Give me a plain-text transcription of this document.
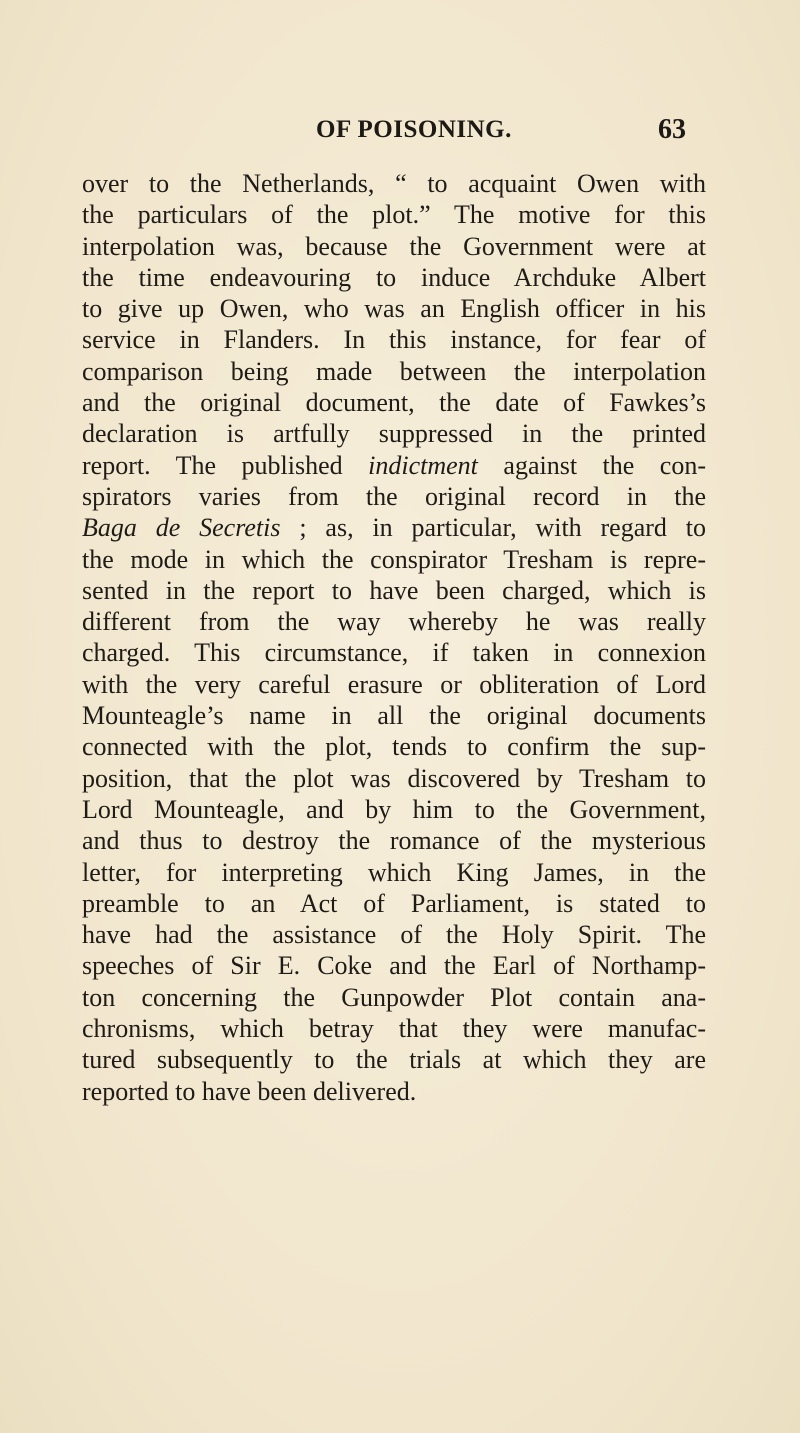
OF POISONING.	63
over to the Netherlands, “ to acquaint Owen with
the particulars of the plot.” The motive for this
interpolation was, because the Government were at
the time endeavouring to induce Archduke Albert
to give up Owen, who was an English officer in his
service in Flanders. In this instance, for fear of
comparison being made between the interpolation
and the original document, the date of Fawkes’s
declaration is artfully suppressed in the printed
report. The published indictment against the con-
spirators varies from the original record in the
Baga de Secretis ; as, in particular, with regard to
the mode in which the conspirator Tresham is repre-
sented in the report to have been charged, which is
different from the way whereby he was really
charged. This circumstance, if taken in connexion
with the very careful erasure or obliteration of Lord
Mounteagle’s name in all the original documents
connected with the plot, tends to confirm the sup-
position, that the plot was discovered by Tresham to
Lord Mounteagle, and by him to the Government,
and thus to destroy the romance of the mysterious
letter, for interpreting which King James, in the
preamble to an Act of Parliament, is stated to
have had the assistance of the Holy Spirit. The
speeches of Sir E. Coke and the Earl of Northamp-
ton concerning the Gunpowder Plot contain ana-
chronisms, which betray that they were manufac-
tured subsequently to the trials at which they are
reported to have been delivered.
